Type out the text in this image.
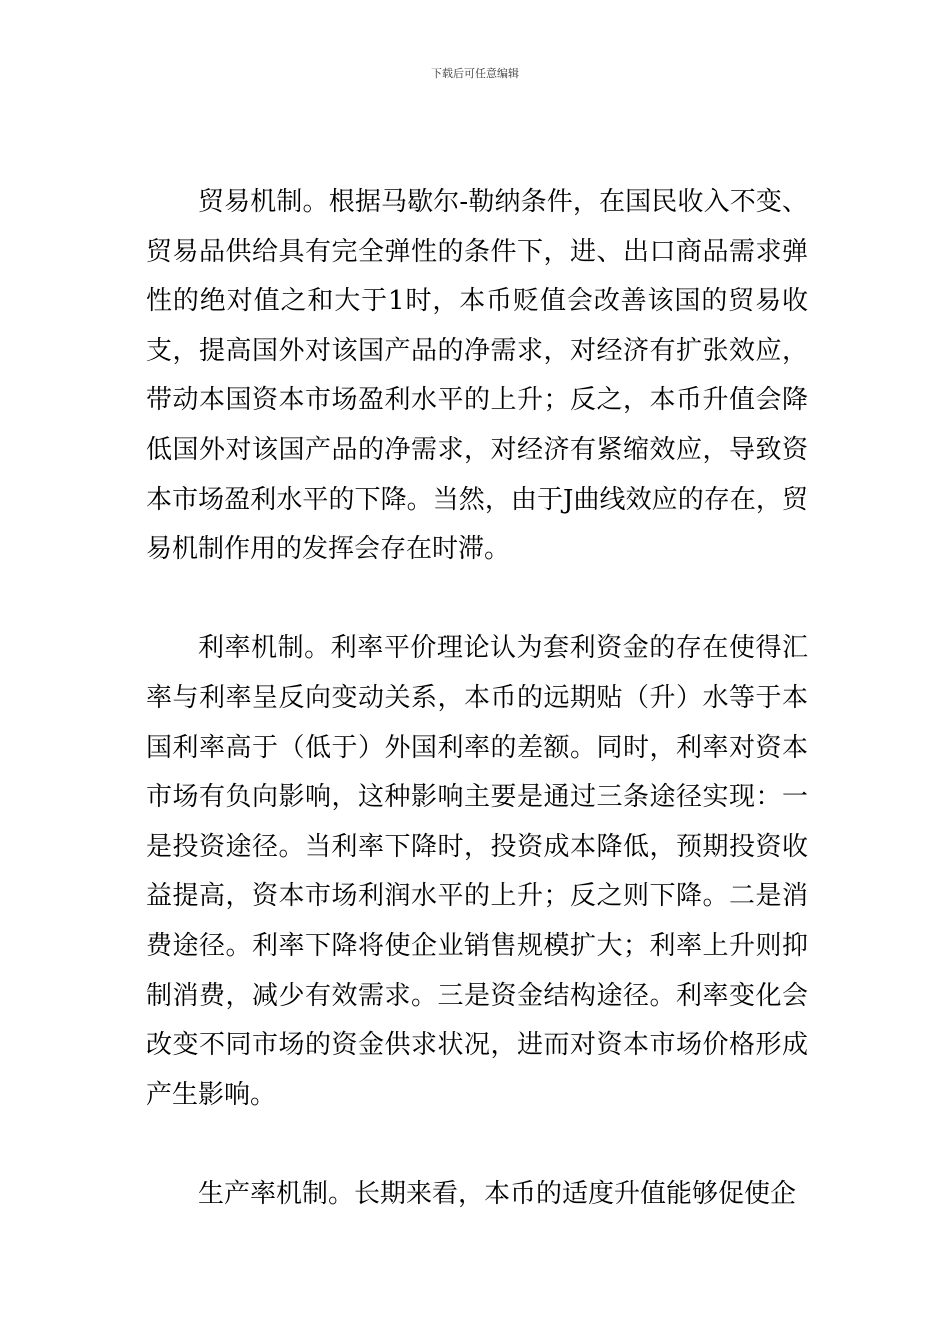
下载后可任意编辑

贸易机制。根据马歇尔-勒纳条件，在国民收入不变、贸易品供给具有完全弹性的条件下，进、出口商品需求弹性的绝对值之和大于1时，本币贬值会改善该国的贸易收支，提高国外对该国产品的净需求，对经济有扩张效应，带动本国资本市场盈利水平的上升；反之，本币升值会降低国外对该国产品的净需求，对经济有紧缩效应，导致资本市场盈利水平的下降。当然，由于J曲线效应的存在，贸易机制作用的发挥会存在时滞。

利率机制。利率平价理论认为套利资金的存在使得汇率与利率呈反向变动关系，本币的远期贴（升）水等于本国利率高于（低于）外国利率的差额。同时，利率对资本市场有负向影响，这种影响主要是通过三条途径实现：一是投资途径。当利率下降时，投资成本降低，预期投资收益提高，资本市场利润水平的上升；反之则下降。二是消费途径。利率下降将使企业销售规模扩大；利率上升则抑制消费，减少有效需求。三是资金结构途径。利率变化会改变不同市场的资金供求状况，进而对资本市场价格形成产生影响。

生产率机制。长期来看，本币的适度升值能够促使企
